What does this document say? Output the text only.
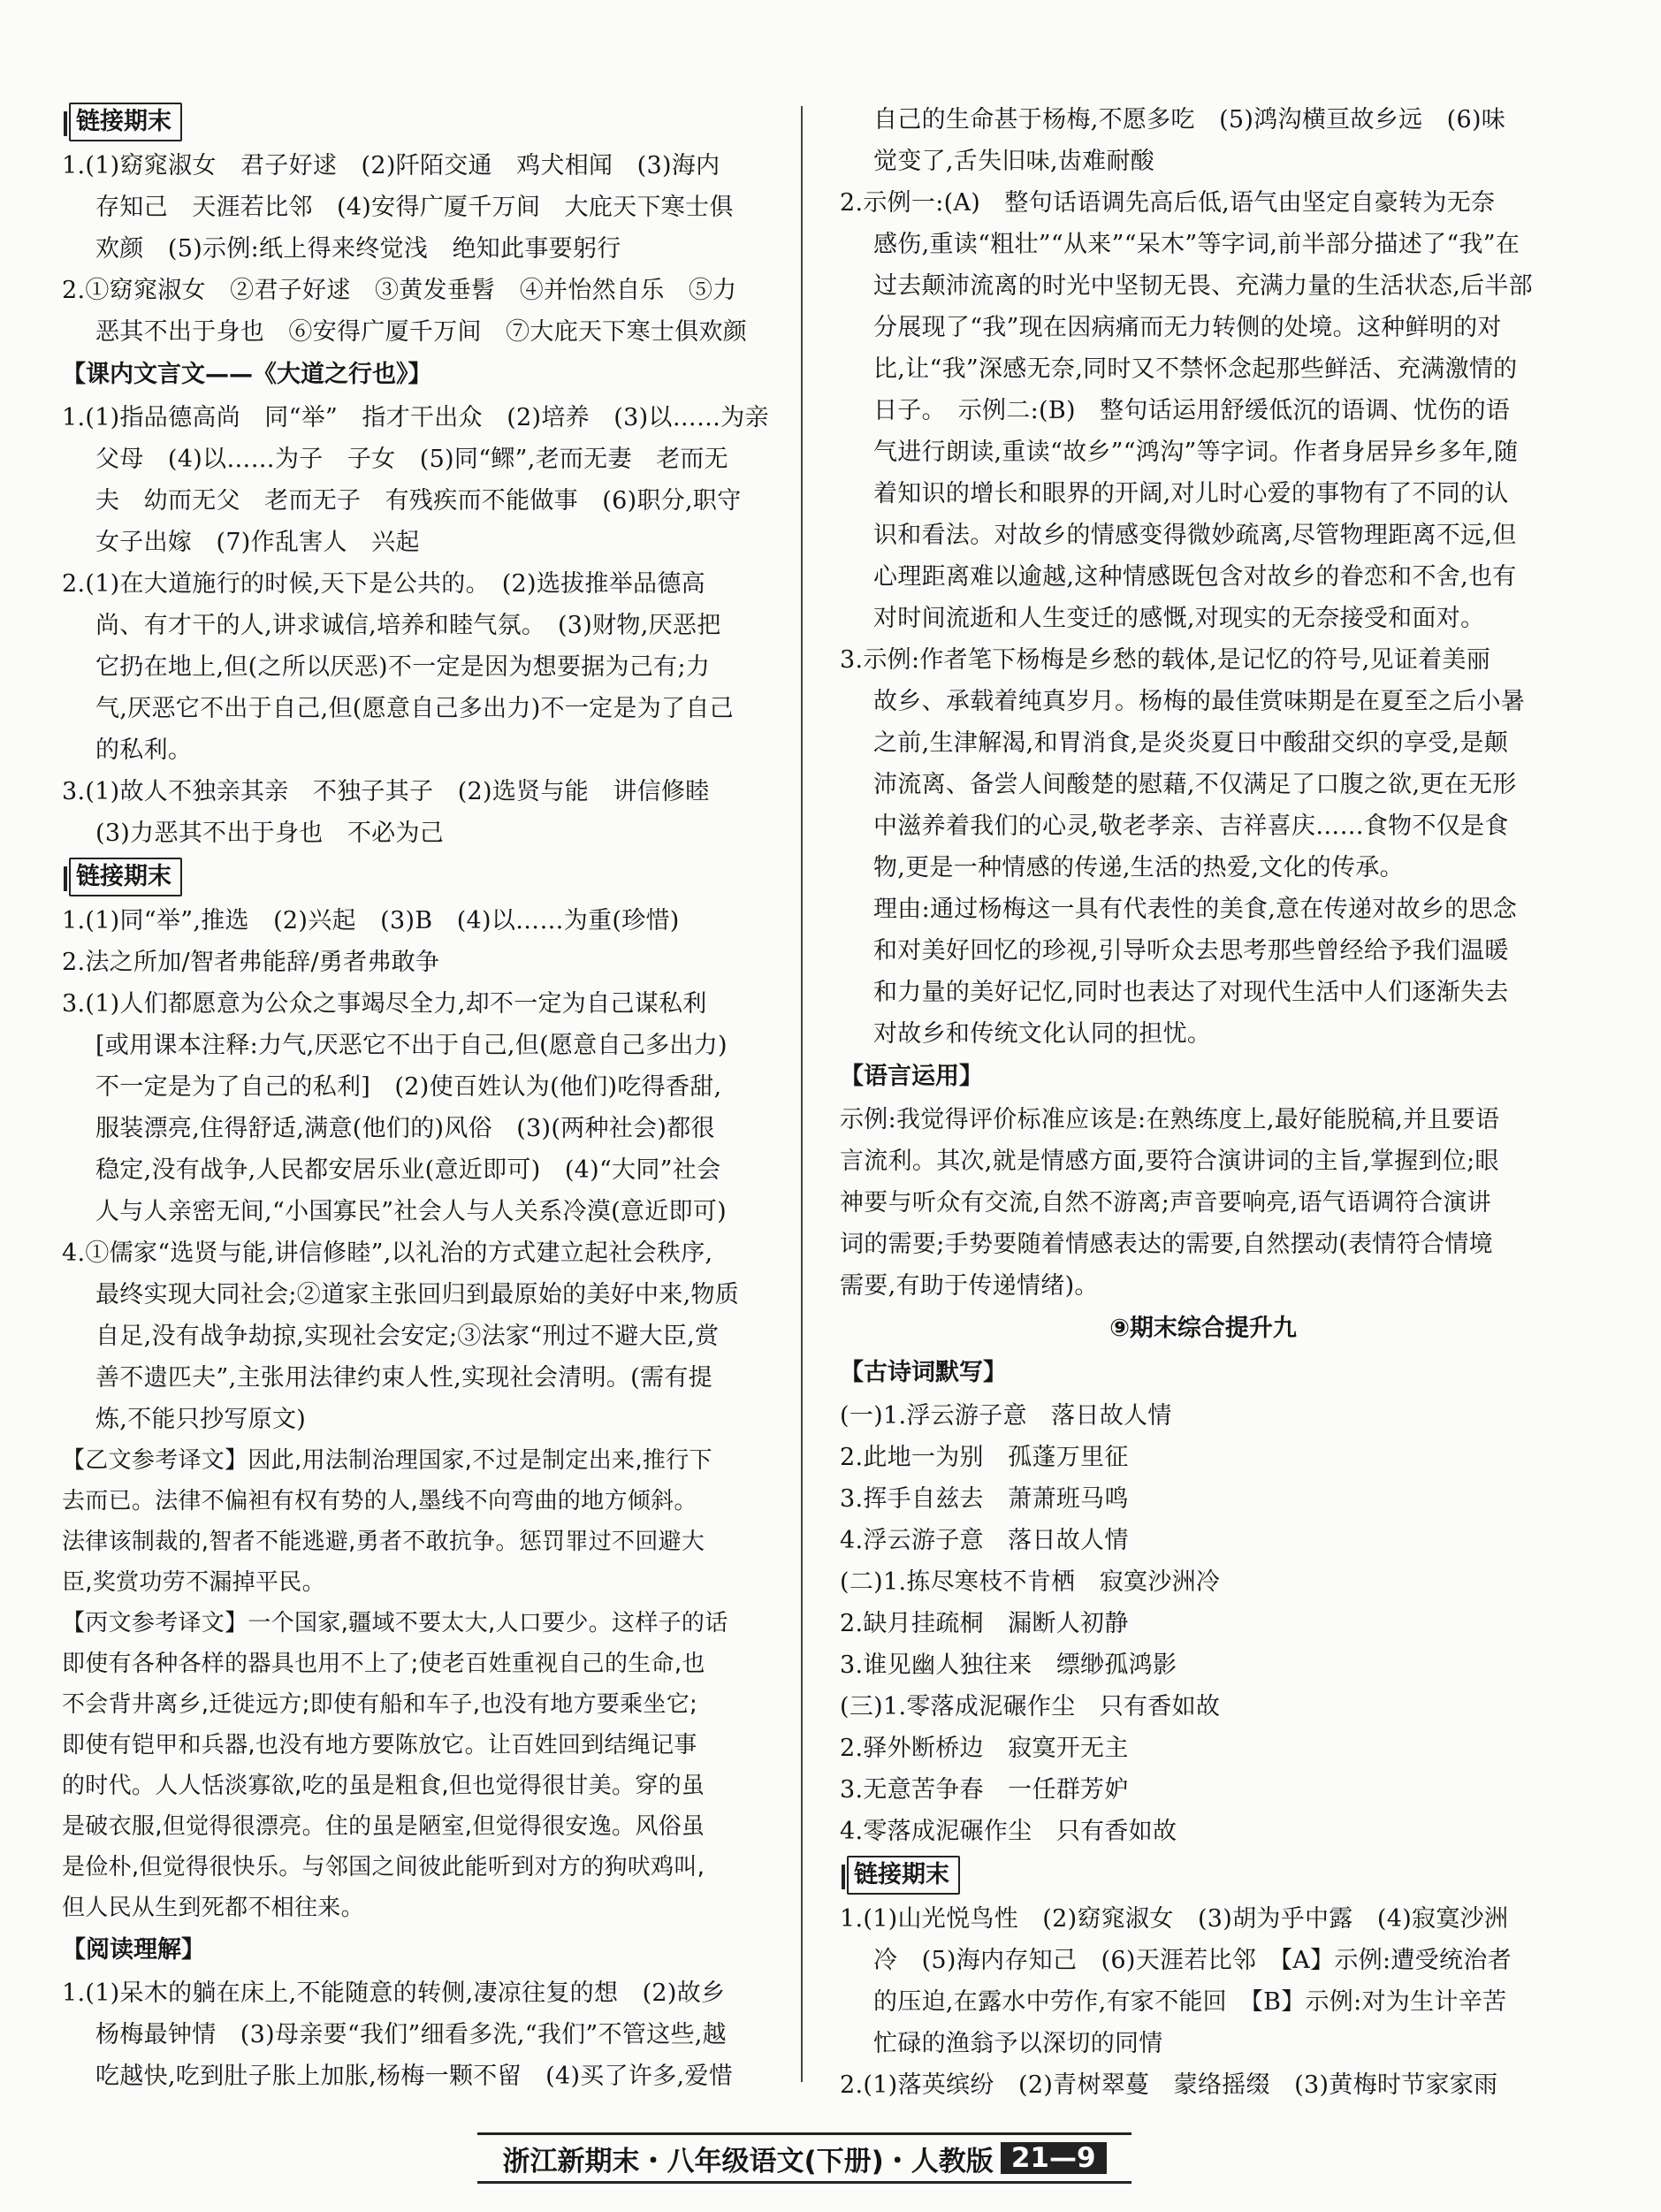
链接期末
1.(1)窈窕淑女　君子好逑　(2)阡陌交通　鸡犬相闻　(3)海内
存知己　天涯若比邻　(4)安得广厦千万间　大庇天下寒士俱
欢颜　(5)示例:纸上得来终觉浅　绝知此事要躬行
2.①窈窕淑女　②君子好逑　③黄发垂髫　④并怡然自乐　⑤力
恶其不出于身也　⑥安得广厦千万间　⑦大庇天下寒士俱欢颜
【课内文言文——《大道之行也》】
1.(1)指品德高尚　同“举”　指才干出众　(2)培养　(3)以……为亲
父母　(4)以……为子　子女　(5)同“鳏”,老而无妻　老而无
夫　幼而无父　老而无子　有残疾而不能做事　(6)职分,职守
女子出嫁　(7)作乱害人　兴起
2.(1)在大道施行的时候,天下是公共的。　(2)选拔推举品德高
尚、有才干的人,讲求诚信,培养和睦气氛。　(3)财物,厌恶把
它扔在地上,但(之所以厌恶)不一定是因为想要据为己有;力
气,厌恶它不出于自己,但(愿意自己多出力)不一定是为了自己
的私利。
3.(1)故人不独亲其亲　不独子其子　(2)选贤与能　讲信修睦
(3)力恶其不出于身也　不必为己
链接期末
1.(1)同“举”,推选　(2)兴起　(3)B　(4)以……为重(珍惜)
2.法之所加/智者弗能辞/勇者弗敢争
3.(1)人们都愿意为公众之事竭尽全力,却不一定为自己谋私利
[或用课本注释:力气,厌恶它不出于自己,但(愿意自己多出力)
不一定是为了自己的私利]　(2)使百姓认为(他们)吃得香甜,
服装漂亮,住得舒适,满意(他们的)风俗　(3)(两种社会)都很
稳定,没有战争,人民都安居乐业(意近即可)　(4)“大同”社会
人与人亲密无间,“小国寡民”社会人与人关系冷漠(意近即可)
4.①儒家“选贤与能,讲信修睦”,以礼治的方式建立起社会秩序,
最终实现大同社会;②道家主张回归到最原始的美好中来,物质
自足,没有战争劫掠,实现社会安定;③法家“刑过不避大臣,赏
善不遗匹夫”,主张用法律约束人性,实现社会清明。(需有提
炼,不能只抄写原文)
【乙文参考译文】因此,用法制治理国家,不过是制定出来,推行下
去而已。法律不偏袒有权有势的人,墨线不向弯曲的地方倾斜。
法律该制裁的,智者不能逃避,勇者不敢抗争。惩罚罪过不回避大
臣,奖赏功劳不漏掉平民。
【丙文参考译文】一个国家,疆域不要太大,人口要少。这样子的话
即使有各种各样的器具也用不上了;使老百姓重视自己的生命,也
不会背井离乡,迁徙远方;即使有船和车子,也没有地方要乘坐它;
即使有铠甲和兵器,也没有地方要陈放它。让百姓回到结绳记事
的时代。人人恬淡寡欲,吃的虽是粗食,但也觉得很甘美。穿的虽
是破衣服,但觉得很漂亮。住的虽是陋室,但觉得很安逸。风俗虽
是俭朴,但觉得很快乐。与邻国之间彼此能听到对方的狗吠鸡叫,
但人民从生到死都不相往来。
【阅读理解】
1.(1)呆木的躺在床上,不能随意的转侧,凄凉往复的想　(2)故乡
杨梅最钟情　(3)母亲要“我们”细看多洗,“我们”不管这些,越
吃越快,吃到肚子胀上加胀,杨梅一颗不留　(4)买了许多,爱惜
自己的生命甚于杨梅,不愿多吃　(5)鸿沟横亘故乡远　(6)味
觉变了,舌失旧味,齿难耐酸
2.示例一:(A)　整句话语调先高后低,语气由坚定自豪转为无奈
感伤,重读“粗壮”“从来”“呆木”等字词,前半部分描述了“我”在
过去颠沛流离的时光中坚韧无畏、充满力量的生活状态,后半部
分展现了“我”现在因病痛而无力转侧的处境。这种鲜明的对
比,让“我”深感无奈,同时又不禁怀念起那些鲜活、充满激情的
日子。　示例二:(B)　整句话运用舒缓低沉的语调、忧伤的语
气进行朗读,重读“故乡”“鸿沟”等字词。作者身居异乡多年,随
着知识的增长和眼界的开阔,对儿时心爱的事物有了不同的认
识和看法。对故乡的情感变得微妙疏离,尽管物理距离不远,但
心理距离难以逾越,这种情感既包含对故乡的眷恋和不舍,也有
对时间流逝和人生变迁的感慨,对现实的无奈接受和面对。
3.示例:作者笔下杨梅是乡愁的载体,是记忆的符号,见证着美丽
故乡、承载着纯真岁月。杨梅的最佳赏味期是在夏至之后小暑
之前,生津解渴,和胃消食,是炎炎夏日中酸甜交织的享受,是颠
沛流离、备尝人间酸楚的慰藉,不仅满足了口腹之欲,更在无形
中滋养着我们的心灵,敬老孝亲、吉祥喜庆……食物不仅是食
物,更是一种情感的传递,生活的热爱,文化的传承。
理由:通过杨梅这一具有代表性的美食,意在传递对故乡的思念
和对美好回忆的珍视,引导听众去思考那些曾经给予我们温暖
和力量的美好记忆,同时也表达了对现代生活中人们逐渐失去
对故乡和传统文化认同的担忧。
【语言运用】
示例:我觉得评价标准应该是:在熟练度上,最好能脱稿,并且要语
言流利。其次,就是情感方面,要符合演讲词的主旨,掌握到位;眼
神要与听众有交流,自然不游离;声音要响亮,语气语调符合演讲
词的需要;手势要随着情感表达的需要,自然摆动(表情符合情境
需要,有助于传递情绪)。
⑨期末综合提升九
【古诗词默写】
(一)1.浮云游子意　落日故人情
2.此地一为别　孤蓬万里征
3.挥手自兹去　萧萧班马鸣
4.浮云游子意　落日故人情
(二)1.拣尽寒枝不肯栖　寂寞沙洲冷
2.缺月挂疏桐　漏断人初静
3.谁见幽人独往来　缥缈孤鸿影
(三)1.零落成泥碾作尘　只有香如故
2.驿外断桥边　寂寞开无主
3.无意苦争春　一任群芳妒
4.零落成泥碾作尘　只有香如故
链接期末
1.(1)山光悦鸟性　(2)窈窕淑女　(3)胡为乎中露　(4)寂寞沙洲
冷　(5)海内存知己　(6)天涯若比邻　【A】示例:遭受统治者
的压迫,在露水中劳作,有家不能回　【B】示例:对为生计辛苦
忙碌的渔翁予以深切的同情
2.(1)落英缤纷　(2)青树翠蔓　蒙络摇缀　(3)黄梅时节家家雨
浙江新期末・八年级语文(下册)・人教版 21—9
